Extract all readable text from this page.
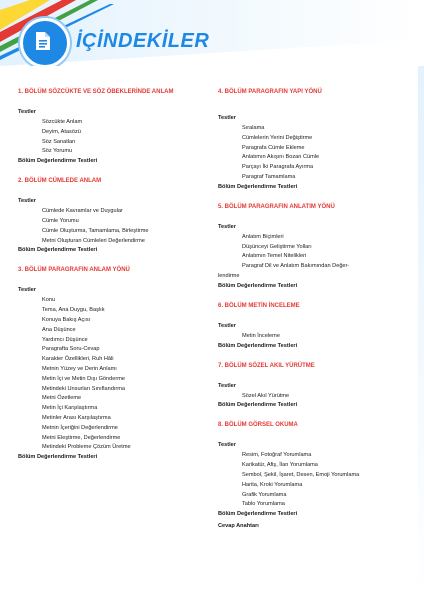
İÇİNDEKİLER
1. BÖLÜM SÖZCÜKTE VE SÖZ ÖBEKLERİNDE ANLAM
Testler
Sözcükte Anlam
Deyim, Atasözü
Söz Sanatları
Söz Yorumu
Bölüm Değerlendirme Testleri
2. BÖLÜM CÜMLEDE ANLAM
Testler
Cümlede Kavramlar ve Duygular
Cümle Yorumu
Cümle Oluşturma, Tamamlama, Birleştirme
Metni Oluşturan Cümleleri Değerlendirme
Bölüm Değerlendirme Testleri
3. BÖLÜM PARAGRAFIN ANLAM YÖNÜ
Testler
Konu
Tema, Ana Duygu, Başlık
Konuya Bakış Açısı
Ana Düşünce
Yardımcı Düşünce
Paragrafta Soru-Cevap
Karakter Özellikleri, Ruh Hâli
Metnin Yüzey ve Derin Anlamı
Metin İçi ve Metin Dışı Gönderme
Metindeki Unsurları Sınıflandırma
Metni Özetleme
Metin İçi Karşılaştırma
Metinler Arası Karşılaştırma
Metnin İçeriğini Değerlendirme
Metni Eleştirme, Değerlendirme
Metindeki Probleme Çözüm Üretme
Bölüm Değerlendirme Testleri
4. BÖLÜM PARAGRAFIN YAPI YÖNÜ
Testler
Sıralama
Cümlelerin Yerini Değiştirme
Paragrafa Cümle Ekleme
Anlatımın Akışını Bozan Cümle
Parçayı İki Paragrafa Ayırma
Paragraf Tamamlama
Bölüm Değerlendirme Testleri
5. BÖLÜM PARAGRAFIN ANLATIM YÖNÜ
Testler
Anlatım Biçimleri
Düşünceyi Geliştirme Yolları
Anlatımın Temel Nitelikleri
Paragraf Dil ve Anlatım Bakımından Değer-
lendirme
Bölüm Değerlendirme Testleri
6. BÖLÜM METİN İNCELEME
Testler
Metin İnceleme
Bölüm Değerlendirme Testleri
7. BÖLÜM SÖZEL AKIL YÜRÜTME
Testler
Sözel Akıl Yürütme
Bölüm Değerlendirme Testleri
8. BÖLÜM GÖRSEL OKUMA
Testler
Resim, Fotoğraf Yorumlama
Karikatür, Afiş, İlan Yorumlama
Sembol, Şekil, İşaret, Desen, Emoji Yorumlama
Harita, Kroki Yorumlama
Grafik Yorumlama
Tablo Yorumlama
Bölüm Değerlendirme Testleri
Cevap Anahtarı
